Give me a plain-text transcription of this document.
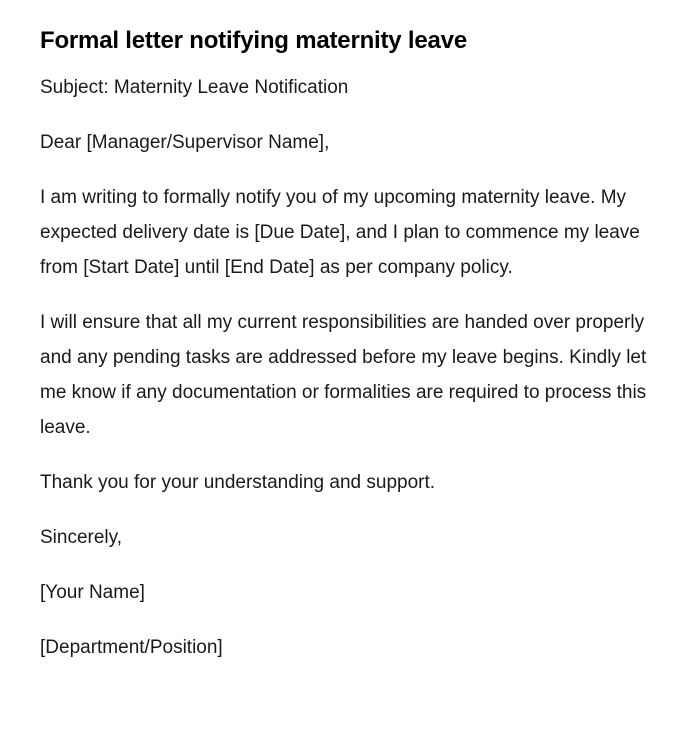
Formal letter notifying maternity leave

Subject: Maternity Leave Notification

Dear [Manager/Supervisor Name],

I am writing to formally notify you of my upcoming maternity leave. My expected delivery date is [Due Date], and I plan to commence my leave from [Start Date] until [End Date] as per company policy.

I will ensure that all my current responsibilities are handed over properly and any pending tasks are addressed before my leave begins. Kindly let me know if any documentation or formalities are required to process this leave.

Thank you for your understanding and support.

Sincerely,

[Your Name]

[Department/Position]
